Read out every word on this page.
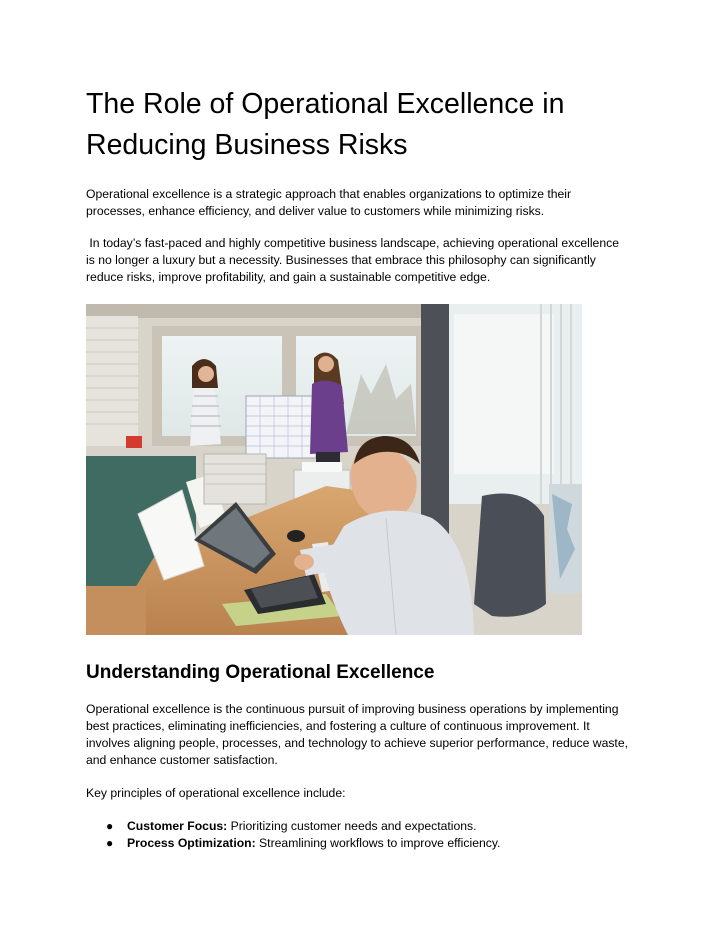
The Role of Operational Excellence in Reducing Business Risks

Operational excellence is a strategic approach that enables organizations to optimize their processes, enhance efficiency, and deliver value to customers while minimizing risks.

In today’s fast-paced and highly competitive business landscape, achieving operational excellence is no longer a luxury but a necessity. Businesses that embrace this philosophy can significantly reduce risks, improve profitability, and gain a sustainable competitive edge.

Understanding Operational Excellence

Operational excellence is the continuous pursuit of improving business operations by implementing best practices, eliminating inefficiencies, and fostering a culture of continuous improvement. It involves aligning people, processes, and technology to achieve superior performance, reduce waste, and enhance customer satisfaction.

Key principles of operational excellence include:

● Customer Focus: Prioritizing customer needs and expectations.
● Process Optimization: Streamlining workflows to improve efficiency.
